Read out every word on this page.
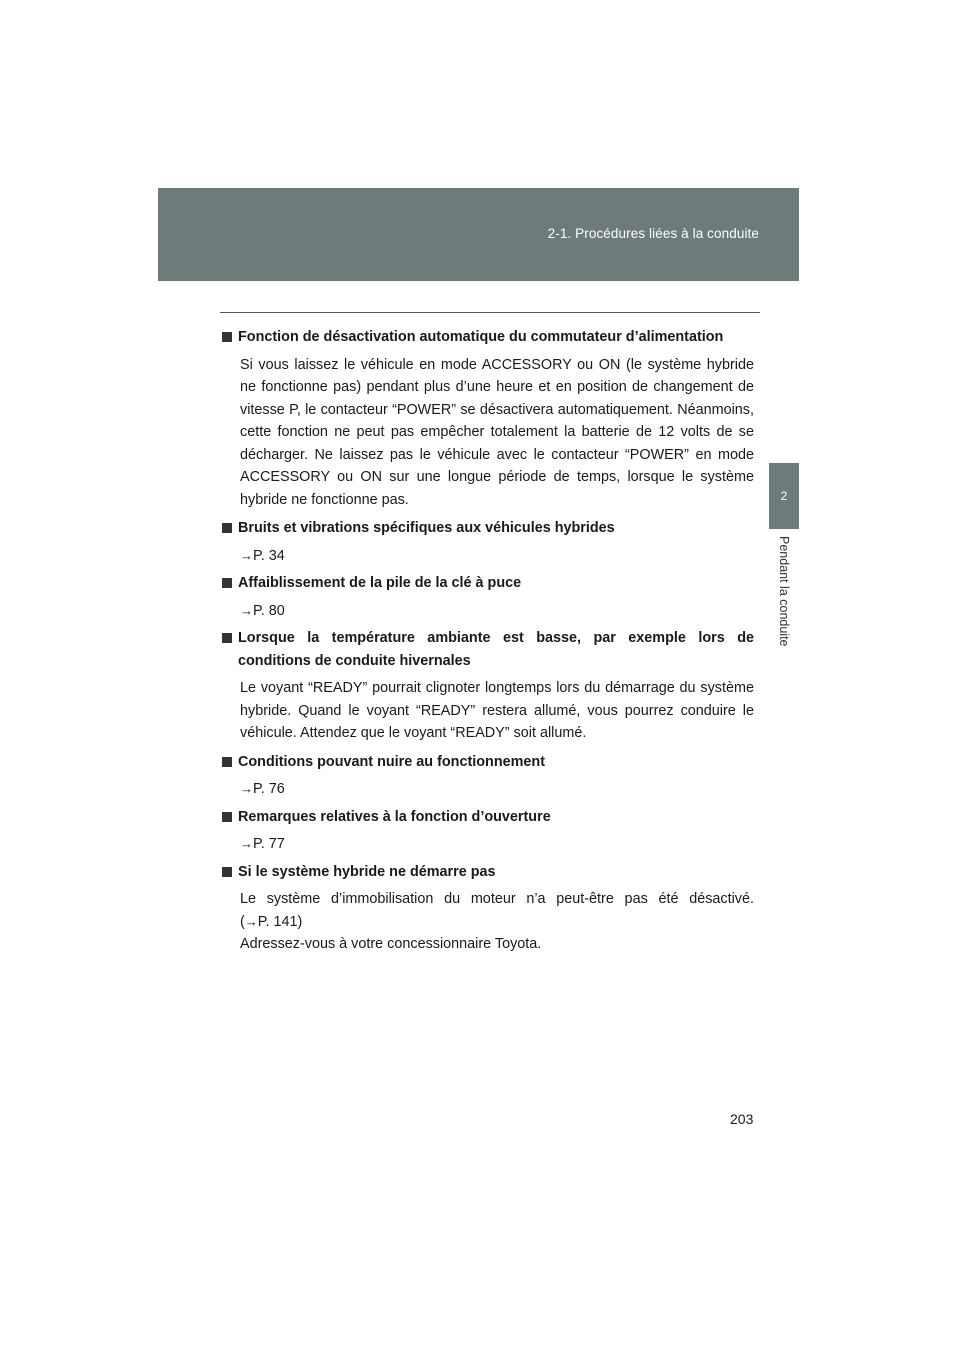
2-1. Procédures liées à la conduite
2
Pendant la conduite
Fonction de désactivation automatique du commutateur d’alimentation
Si vous laissez le véhicule en mode ACCESSORY ou ON (le système hybride ne fonctionne pas) pendant plus d’une heure et en position de changement de vitesse P, le contacteur “POWER” se désactivera automatiquement. Néanmoins, cette fonction ne peut pas empêcher totalement la batterie de 12 volts de se décharger. Ne laissez pas le véhicule avec le contacteur “POWER” en mode ACCESSORY ou ON sur une longue période de temps, lorsque le système hybride ne fonctionne pas.
Bruits et vibrations spécifiques aux véhicules hybrides
→P. 34
Affaiblissement de la pile de la clé à puce
→P. 80
Lorsque la température ambiante est basse, par exemple lors de conditions de conduite hivernales
Le voyant “READY” pourrait clignoter longtemps lors du démarrage du système hybride. Quand le voyant “READY” restera allumé, vous pourrez conduire le véhicule. Attendez que le voyant “READY” soit allumé.
Conditions pouvant nuire au fonctionnement
→P. 76
Remarques relatives à la fonction d’ouverture
→P. 77
Si le système hybride ne démarre pas
Le système d’immobilisation du moteur n’a peut-être pas été désactivé.
(→P. 141)
Adressez-vous à votre concessionnaire Toyota.
203
